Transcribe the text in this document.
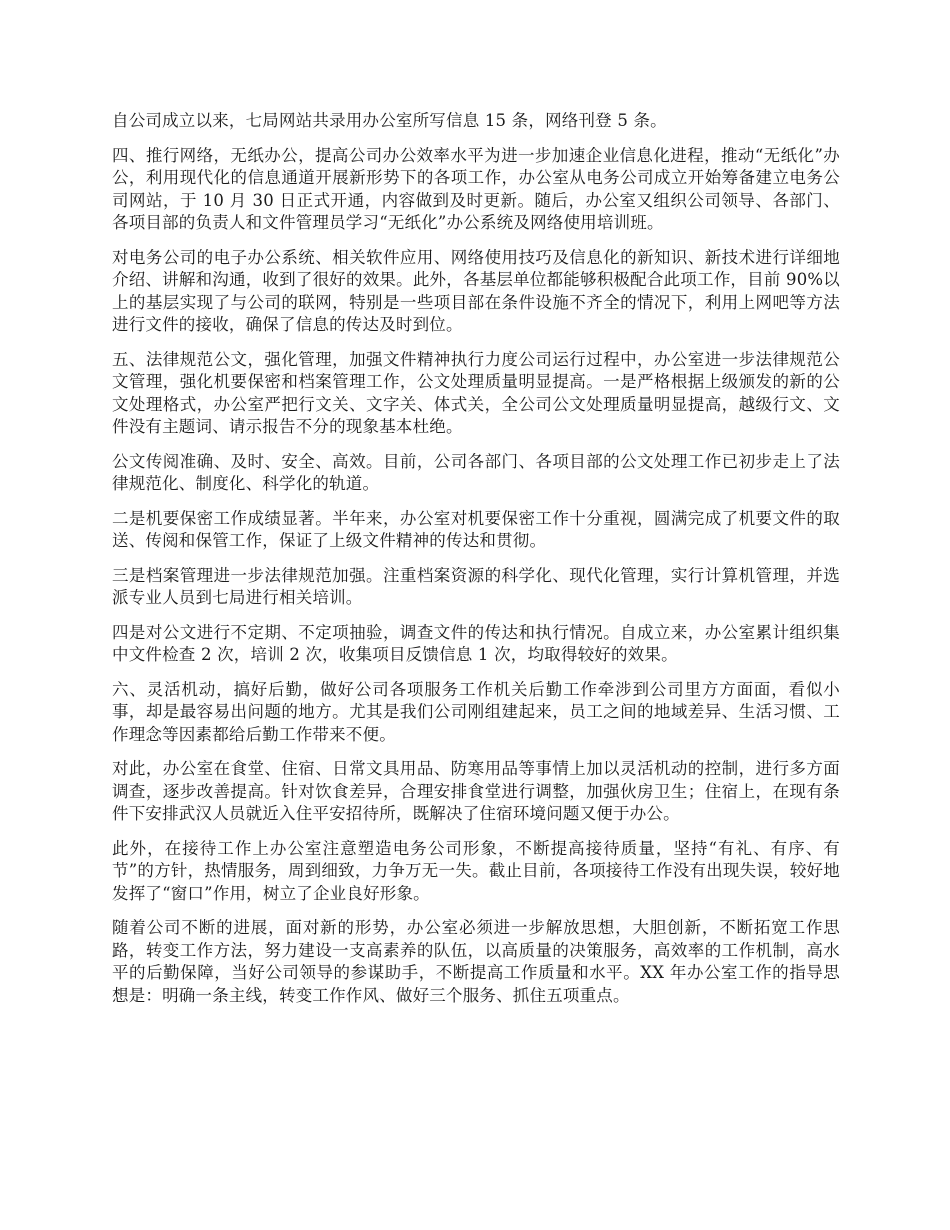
自公司成立以来，七局网站共录用办公室所写信息 15 条，网络刊登 5 条。

四、推行网络，无纸办公，提高公司办公效率水平为进一步加速企业信息化进程，推动“无纸化”办公，利用现代化的信息通道开展新形势下的各项工作，办公室从电务公司成立开始筹备建立电务公司网站，于 10 月 30 日正式开通，内容做到及时更新。随后，办公室又组织公司领导、各部门、各项目部的负责人和文件管理员学习“无纸化”办公系统及网络使用培训班。

对电务公司的电子办公系统、相关软件应用、网络使用技巧及信息化的新知识、新技术进行详细地介绍、讲解和沟通，收到了很好的效果。此外，各基层单位都能够积极配合此项工作，目前 90%以上的基层实现了与公司的联网，特别是一些项目部在条件设施不齐全的情况下，利用上网吧等方法进行文件的接收，确保了信息的传达及时到位。

五、法律规范公文，强化管理，加强文件精神执行力度公司运行过程中，办公室进一步法律规范公文管理，强化机要保密和档案管理工作，公文处理质量明显提高。一是严格根据上级颁发的新的公文处理格式，办公室严把行文关、文字关、体式关，全公司公文处理质量明显提高，越级行文、文件没有主题词、请示报告不分的现象基本杜绝。

公文传阅准确、及时、安全、高效。目前，公司各部门、各项目部的公文处理工作已初步走上了法律规范化、制度化、科学化的轨道。

二是机要保密工作成绩显著。半年来，办公室对机要保密工作十分重视，圆满完成了机要文件的取送、传阅和保管工作，保证了上级文件精神的传达和贯彻。

三是档案管理进一步法律规范加强。注重档案资源的科学化、现代化管理，实行计算机管理，并选派专业人员到七局进行相关培训。

四是对公文进行不定期、不定项抽验，调查文件的传达和执行情况。自成立来，办公室累计组织集中文件检查 2 次，培训 2 次，收集项目反馈信息 1 次，均取得较好的效果。

六、灵活机动，搞好后勤，做好公司各项服务工作机关后勤工作牵涉到公司里方方面面，看似小事，却是最容易出问题的地方。尤其是我们公司刚组建起来，员工之间的地域差异、生活习惯、工作理念等因素都给后勤工作带来不便。

对此，办公室在食堂、住宿、日常文具用品、防寒用品等事情上加以灵活机动的控制，进行多方面调查，逐步改善提高。针对饮食差异，合理安排食堂进行调整，加强伙房卫生；住宿上，在现有条件下安排武汉人员就近入住平安招待所，既解决了住宿环境问题又便于办公。

此外，在接待工作上办公室注意塑造电务公司形象，不断提高接待质量，坚持“有礼、有序、有节”的方针，热情服务，周到细致，力争万无一失。截止目前，各项接待工作没有出现失误，较好地发挥了“窗口”作用，树立了企业良好形象。

随着公司不断的进展，面对新的形势，办公室必须进一步解放思想，大胆创新，不断拓宽工作思路，转变工作方法，努力建设一支高素养的队伍，以高质量的决策服务，高效率的工作机制，高水平的后勤保障，当好公司领导的参谋助手，不断提高工作质量和水平。XX 年办公室工作的指导思想是：明确一条主线，转变工作作风、做好三个服务、抓住五项重点。
